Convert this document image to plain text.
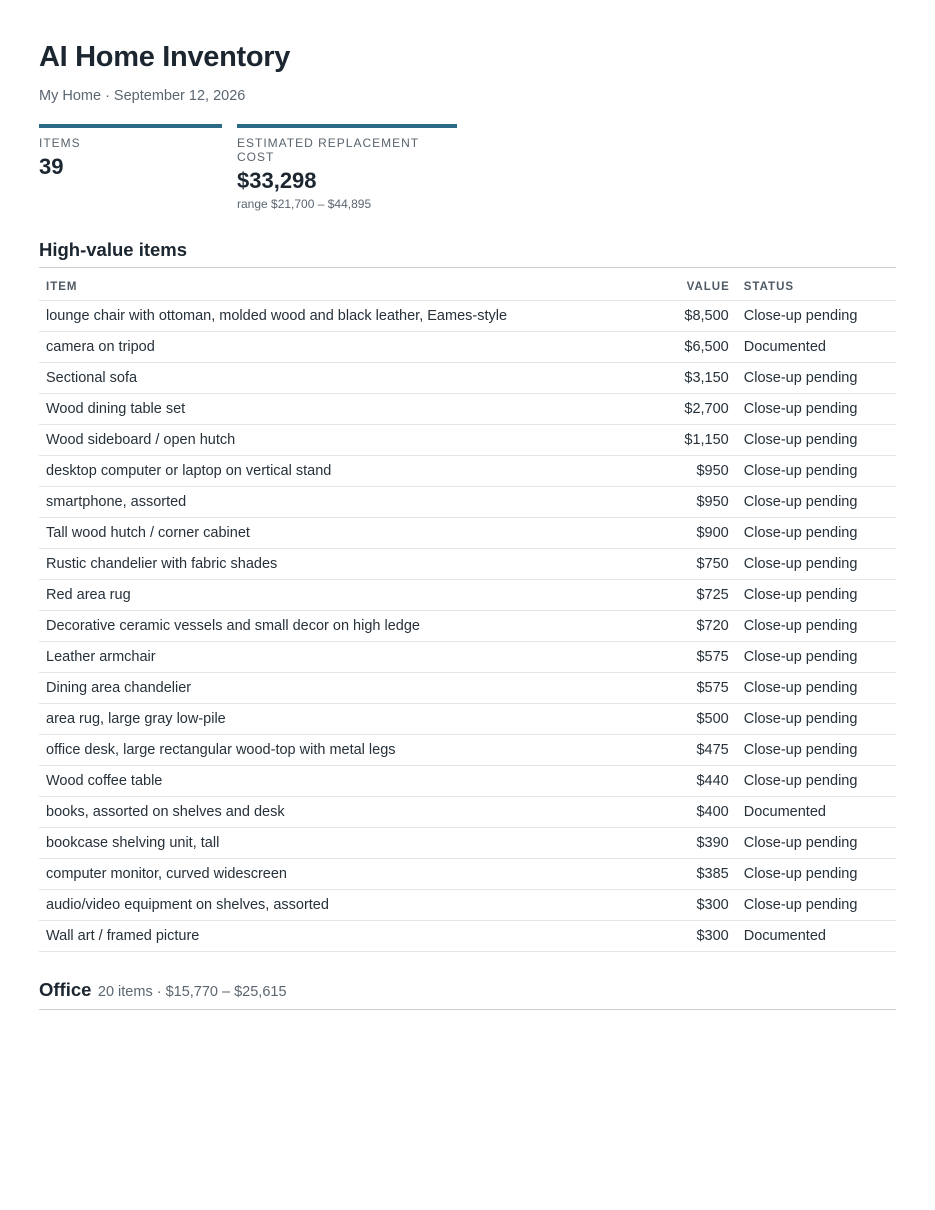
AI Home Inventory
My Home · September 12, 2026
ITEMS
39
ESTIMATED REPLACEMENT COST
$33,298
range $21,700 – $44,895
High-value items
ITEM	VALUE	STATUS
lounge chair with ottoman, molded wood and black leather, Eames-style	$8,500	Close-up pending
camera on tripod	$6,500	Documented
Sectional sofa	$3,150	Close-up pending
Wood dining table set	$2,700	Close-up pending
Wood sideboard / open hutch	$1,150	Close-up pending
desktop computer or laptop on vertical stand	$950	Close-up pending
smartphone, assorted	$950	Close-up pending
Tall wood hutch / corner cabinet	$900	Close-up pending
Rustic chandelier with fabric shades	$750	Close-up pending
Red area rug	$725	Close-up pending
Decorative ceramic vessels and small decor on high ledge	$720	Close-up pending
Leather armchair	$575	Close-up pending
Dining area chandelier	$575	Close-up pending
area rug, large gray low-pile	$500	Close-up pending
office desk, large rectangular wood-top with metal legs	$475	Close-up pending
Wood coffee table	$440	Close-up pending
books, assorted on shelves and desk	$400	Documented
bookcase shelving unit, tall	$390	Close-up pending
computer monitor, curved widescreen	$385	Close-up pending
audio/video equipment on shelves, assorted	$300	Close-up pending
Wall art / framed picture	$300	Documented
Office 20 items · $15,770 – $25,615
